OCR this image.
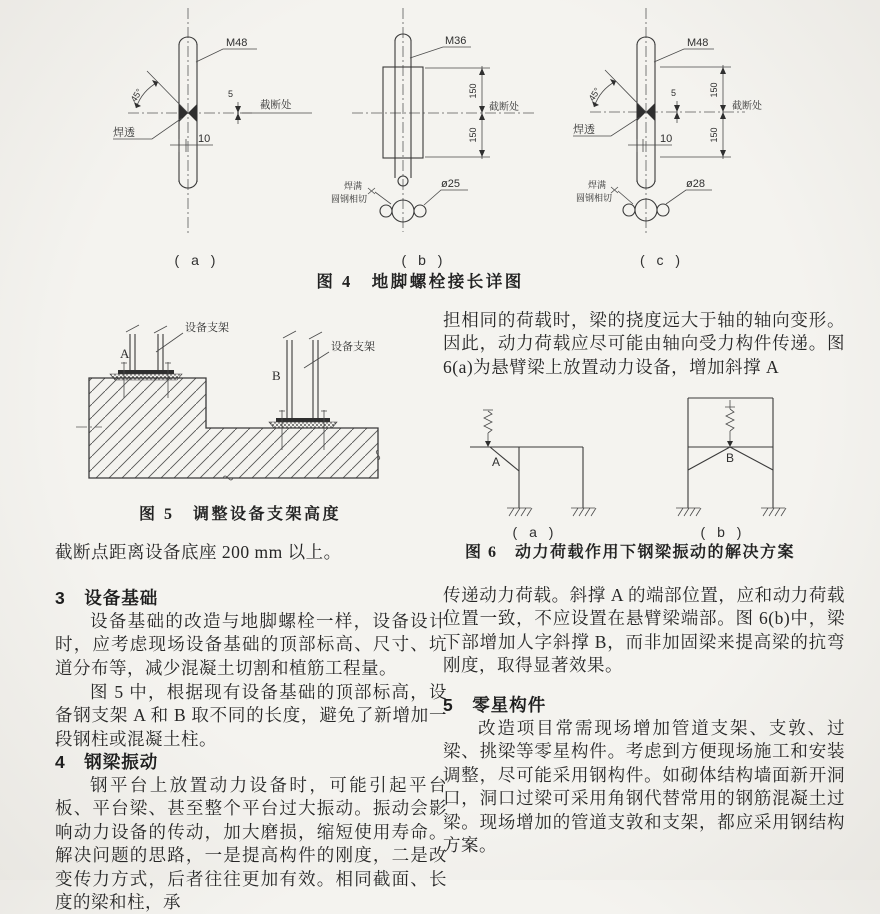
45°
焊透
M48
10
5
截断处
( a )
M36
150
150
截断处
ø25
焊满
圆钢相切
( b )
45°
焊透
M48
10
5	150
150
截断处
ø28
焊满
圆钢相切
( c )
图 4　地脚螺栓接长详图
A
设备支架
B
设备支架
图 5　调整设备支架高度
A
( a )
B
( b )
图 6　动力荷载作用下钢梁振动的解决方案

截断点距离设备底座 200 mm 以上。

3　设备基础

设备基础的改造与地脚螺栓一样，设备设计时，应考虑现场设备基础的顶部标高、尺寸、坑道分布等，减少混凝土切割和植筋工程量。

图 5 中，根据现有设备基础的顶部标高，设备钢支架 A 和 B 取不同的长度，避免了新增加一段钢柱或混凝土柱。

4　钢梁振动

钢平台上放置动力设备时，可能引起平台板、平台梁、甚至整个平台过大振动。振动会影响动力设备的传动，加大磨损，缩短使用寿命。解决问题的思路，一是提高构件的刚度，二是改变传力方式，后者往往更加有效。相同截面、长度的梁和柱，承

担相同的荷载时，梁的挠度远大于轴的轴向变形。因此，动力荷载应尽可能由轴向受力构件传递。图 6(a)为悬臂梁上放置动力设备，增加斜撑 A

传递动力荷载。斜撑 A 的端部位置，应和动力荷载位置一致，不应设置在悬臂梁端部。图 6(b)中，梁下部增加人字斜撑 B，而非加固梁来提高梁的抗弯刚度，取得显著效果。

5　零星构件

改造项目常需现场增加管道支架、支敦、过梁、挑梁等零星构件。考虑到方便现场施工和安装调整，尽可能采用钢构件。如砌体结构墙面新开洞口，洞口过梁可采用角钢代替常用的钢筋混凝土过梁。现场增加的管道支敦和支架，都应采用钢结构方案。
